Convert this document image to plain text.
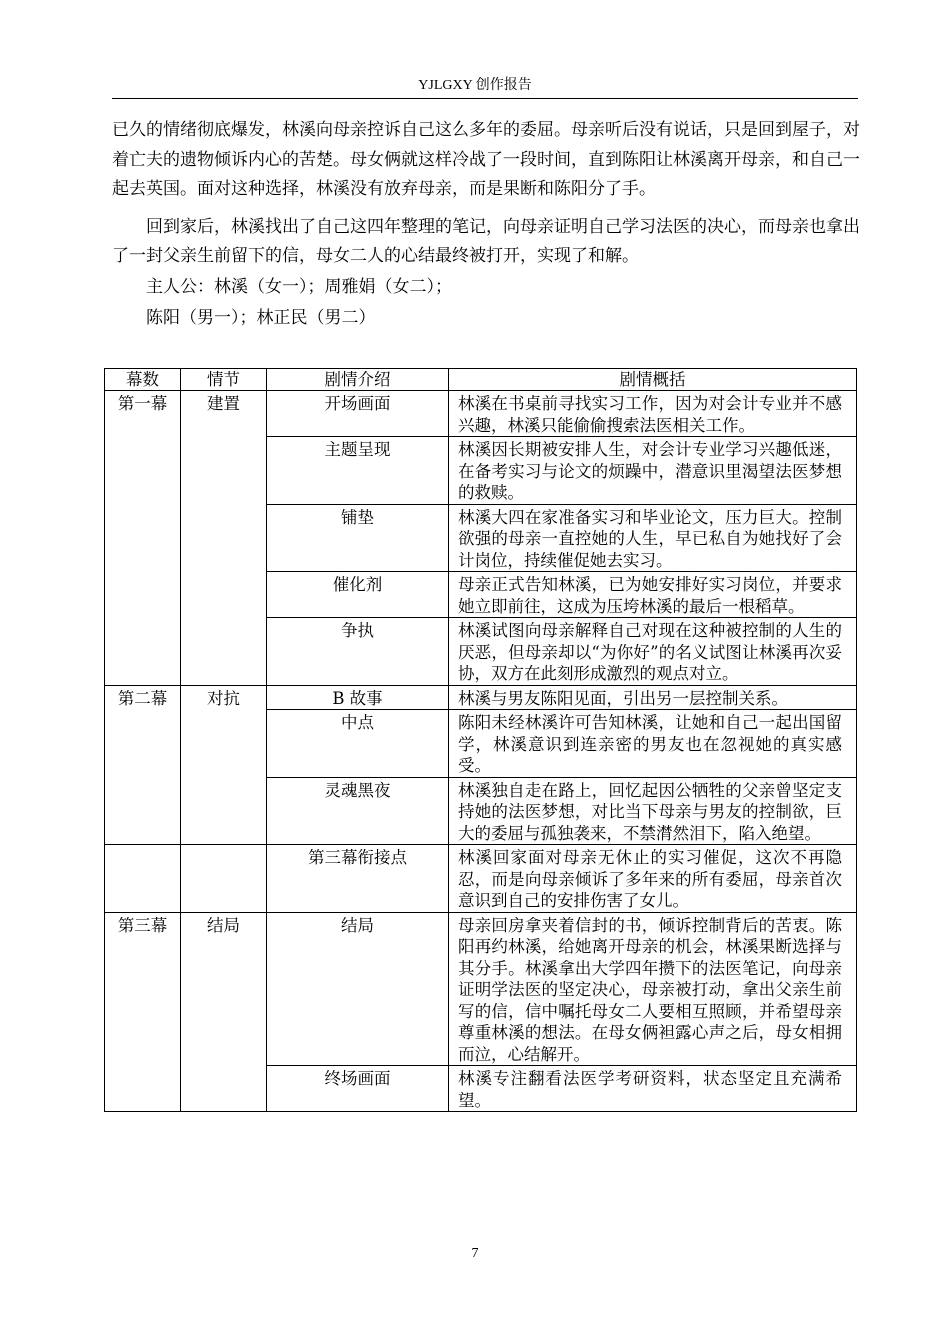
YJLGXY 创作报告

已久的情绪彻底爆发，林溪向母亲控诉自己这么多年的委屈。母亲听后没有说话，只是回到屋子，对着亡夫的遗物倾诉内心的苦楚。母女俩就这样冷战了一段时间，直到陈阳让林溪离开母亲，和自己一起去英国。面对这种选择，林溪没有放弃母亲，而是果断和陈阳分了手。

回到家后，林溪找出了自己这四年整理的笔记，向母亲证明自己学习法医的决心，而母亲也拿出了一封父亲生前留下的信，母女二人的心结最终被打开，实现了和解。

主人公：林溪（女一）；周雅娟（女二）；

陈阳（男一）；林正民（男二）

幕数	情节	剧情介绍	剧情概括
第一幕	建置	开场画面	林溪在书桌前寻找实习工作，因为对会计专业并不感兴趣，林溪只能偷偷搜索法医相关工作。
		主题呈现	林溪因长期被安排人生，对会计专业学习兴趣低迷，在备考实习与论文的烦躁中，潜意识里渴望法医梦想的救赎。
		铺垫	林溪大四在家准备实习和毕业论文，压力巨大。控制欲强的母亲一直控她的人生，早已私自为她找好了会计岗位，持续催促她去实习。
		催化剂	母亲正式告知林溪，已为她安排好实习岗位，并要求她立即前往，这成为压垮林溪的最后一根稻草。
		争执	林溪试图向母亲解释自己对现在这种被控制的人生的厌恶，但母亲却以“为你好”的名义试图让林溪再次妥协，双方在此刻形成激烈的观点对立。
第二幕	对抗	B 故事	林溪与男友陈阳见面，引出另一层控制关系。
		中点	陈阳未经林溪许可告知林溪，让她和自己一起出国留学，林溪意识到连亲密的男友也在忽视她的真实感受。
		灵魂黑夜	林溪独自走在路上，回忆起因公牺牲的父亲曾坚定支持她的法医梦想，对比当下母亲与男友的控制欲，巨大的委屈与孤独袭来，不禁潸然泪下，陷入绝望。
		第三幕衔接点	林溪回家面对母亲无休止的实习催促，这次不再隐忍，而是向母亲倾诉了多年来的所有委屈，母亲首次意识到自己的安排伤害了女儿。
第三幕	结局	结局	母亲回房拿夹着信封的书，倾诉控制背后的苦衷。陈阳再约林溪，给她离开母亲的机会，林溪果断选择与其分手。林溪拿出大学四年攒下的法医笔记，向母亲证明学法医的坚定决心，母亲被打动，拿出父亲生前写的信，信中嘱托母女二人要相互照顾，并希望母亲尊重林溪的想法。在母女俩袒露心声之后，母女相拥而泣，心结解开。
		终场画面	林溪专注翻看法医学考研资料，状态坚定且充满希望。
7
